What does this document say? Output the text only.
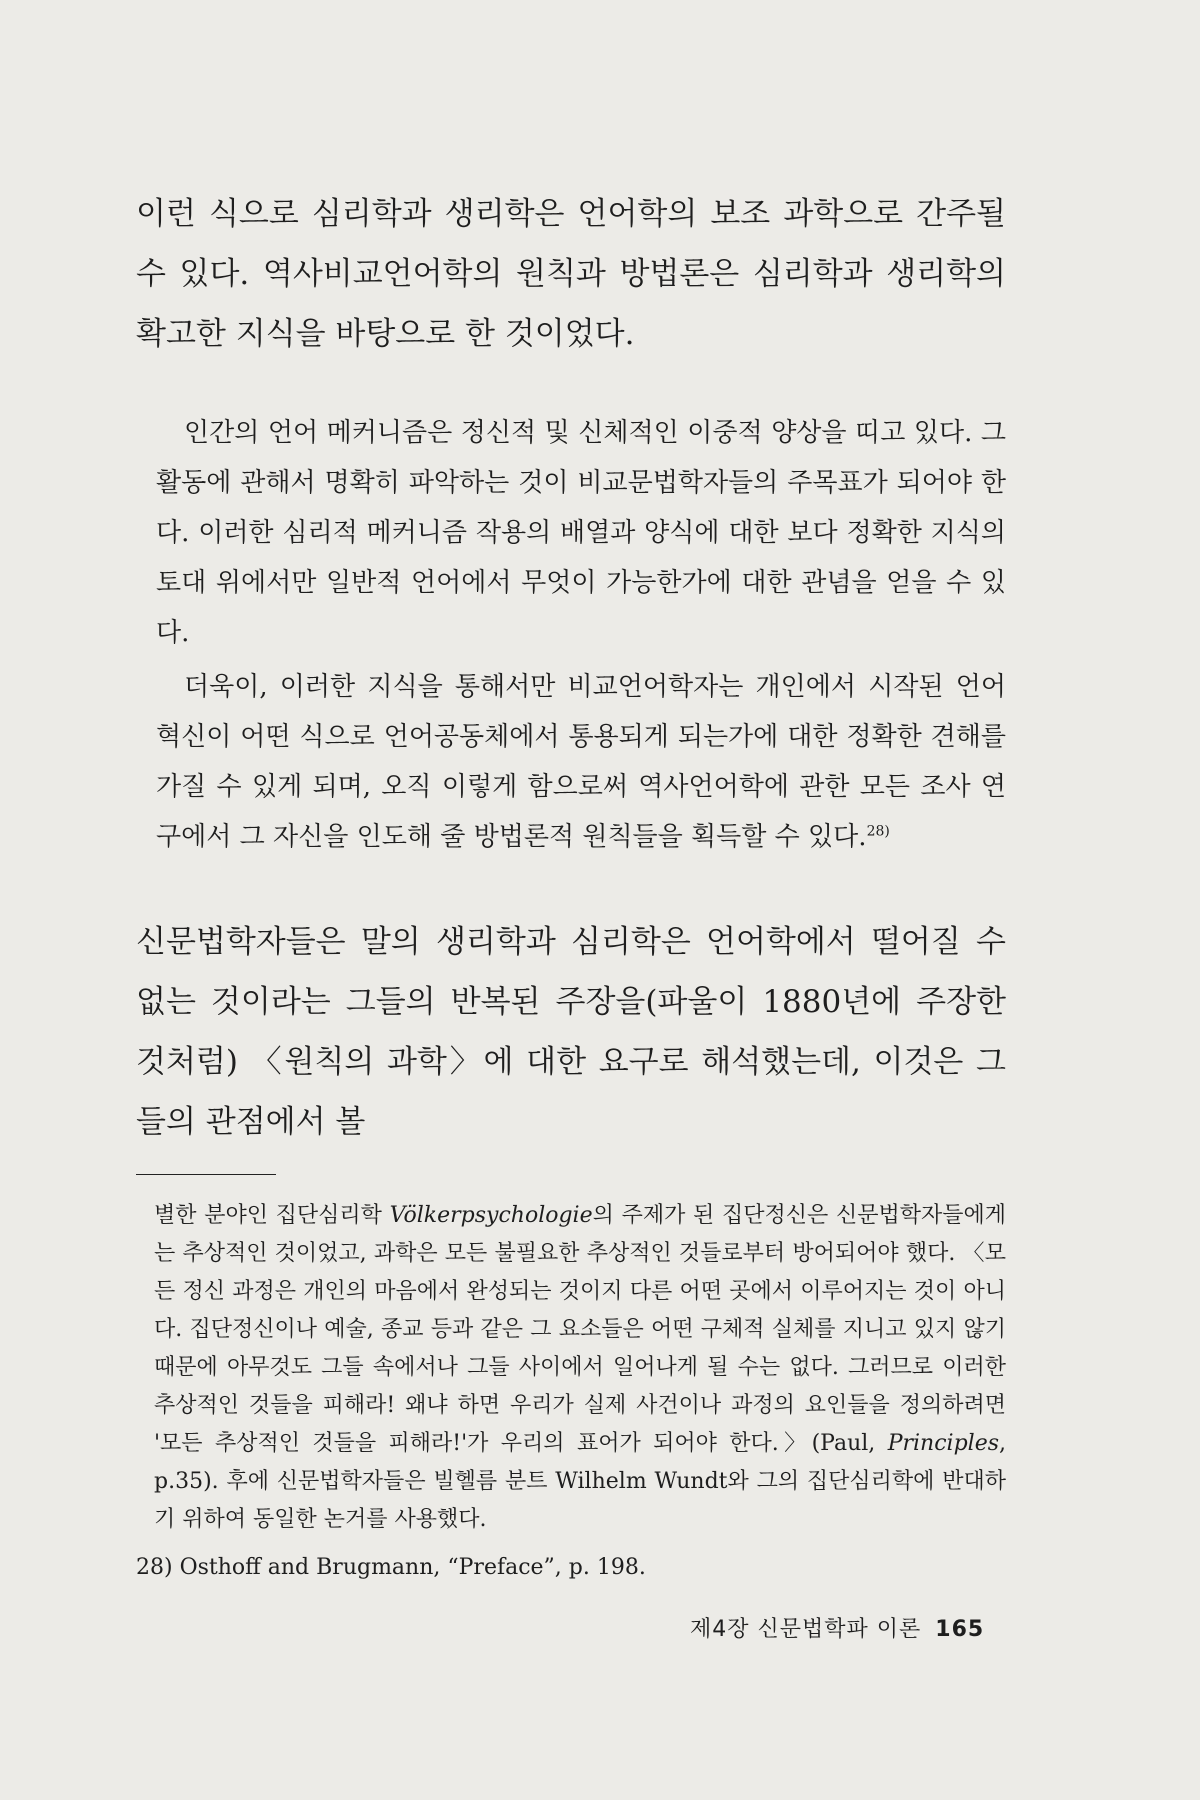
이런 식으로 심리학과 생리학은 언어학의 보조 과학으로 간주될 수 있다. 역사비교언어학의 원칙과 방법론은 심리학과 생리학의 확고한 지식을 바탕으로 한 것이었다.

인간의 언어 메커니즘은 정신적 및 신체적인 이중적 양상을 띠고 있다. 그 활동에 관해서 명확히 파악하는 것이 비교문법학자들의 주목표가 되어야 한다. 이러한 심리적 메커니즘 작용의 배열과 양식에 대한 보다 정확한 지식의 토대 위에서만 일반적 언어에서 무엇이 가능한가에 대한 관념을 얻을 수 있다.

더욱이, 이러한 지식을 통해서만 비교언어학자는 개인에서 시작된 언어 혁신이 어떤 식으로 언어공동체에서 통용되게 되는가에 대한 정확한 견해를 가질 수 있게 되며, 오직 이렇게 함으로써 역사언어학에 관한 모든 조사 연구에서 그 자신을 인도해 줄 방법론적 원칙들을 획득할 수 있다.$^{28)}$

신문법학자들은 말의 생리학과 심리학은 언어학에서 떨어질 수 없는 것이라는 그들의 반복된 주장을(파울이 1880년에 주장한 것처럼) 〈원칙의 과학〉에 대한 요구로 해석했는데, 이것은 그들의 관점에서 볼

별한 분야인 집단심리학 Völkerpsychologie의 주제가 된 집단정신은 신문법학자들에게는 추상적인 것이었고, 과학은 모든 불필요한 추상적인 것들로부터 방어되어야 했다. 〈모든 정신 과정은 개인의 마음에서 완성되는 것이지 다른 어떤 곳에서 이루어지는 것이 아니다. 집단정신이나 예술, 종교 등과 같은 그 요소들은 어떤 구체적 실체를 지니고 있지 않기 때문에 아무것도 그들 속에서나 그들 사이에서 일어나게 될 수는 없다. 그러므로 이러한 추상적인 것들을 피해라! 왜냐 하면 우리가 실제 사건이나 과정의 요인들을 정의하려면 '모든 추상적인 것들을 피해라!'가 우리의 표어가 되어야 한다.〉(Paul, Principles, p.35). 후에 신문법학자들은 빌헬름 분트 Wilhelm Wundt와 그의 집단심리학에 반대하기 위하여 동일한 논거를 사용했다.

28) Osthoff and Brugmann, “Preface”, p. 198.

제4장 신문법학파 이론 165
